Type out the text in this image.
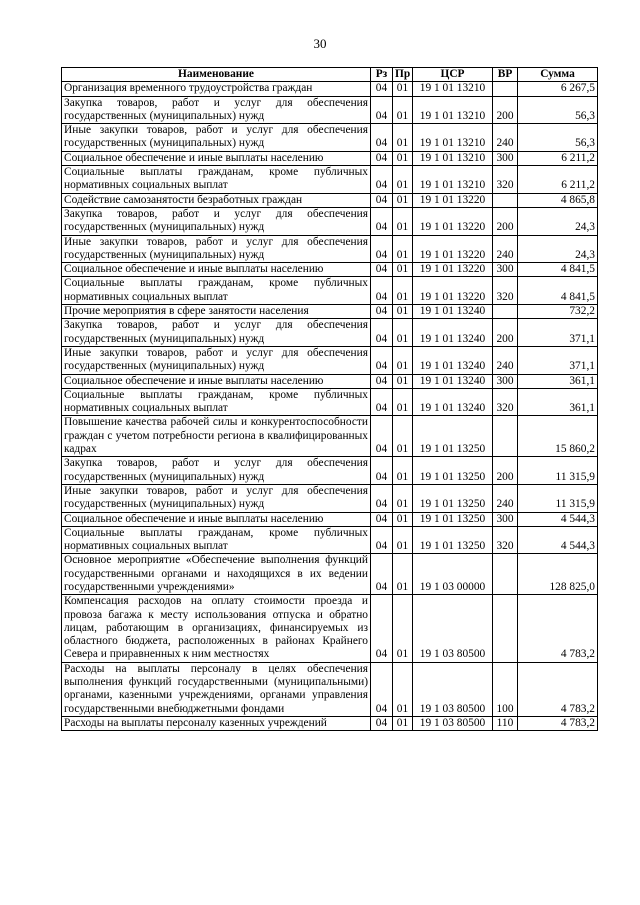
30
Наименование	Рз	Пр	ЦСР	ВР	Сумма
Организация временного трудоустройства граждан	04	01	19 1 01 13210		6 267,5
Закупка товаров, работ и услуг для обеспечения государственных (муниципальных) нужд	04	01	19 1 01 13210	200	56,3
Иные закупки товаров, работ и услуг для обеспечения государственных (муниципальных) нужд	04	01	19 1 01 13210	240	56,3
Социальное обеспечение и иные выплаты населению	04	01	19 1 01 13210	300	6 211,2
Социальные выплаты гражданам, кроме публичных нормативных социальных выплат	04	01	19 1 01 13210	320	6 211,2
Содействие самозанятости безработных граждан	04	01	19 1 01 13220		4 865,8
Закупка товаров, работ и услуг для обеспечения государственных (муниципальных) нужд	04	01	19 1 01 13220	200	24,3
Иные закупки товаров, работ и услуг для обеспечения государственных (муниципальных) нужд	04	01	19 1 01 13220	240	24,3
Социальное обеспечение и иные выплаты населению	04	01	19 1 01 13220	300	4 841,5
Социальные выплаты гражданам, кроме публичных нормативных социальных выплат	04	01	19 1 01 13220	320	4 841,5
Прочие мероприятия в сфере занятости населения	04	01	19 1 01 13240		732,2
Закупка товаров, работ и услуг для обеспечения государственных (муниципальных) нужд	04	01	19 1 01 13240	200	371,1
Иные закупки товаров, работ и услуг для обеспечения государственных (муниципальных) нужд	04	01	19 1 01 13240	240	371,1
Социальное обеспечение и иные выплаты населению	04	01	19 1 01 13240	300	361,1
Социальные выплаты гражданам, кроме публичных нормативных социальных выплат	04	01	19 1 01 13240	320	361,1
Повышение качества рабочей силы и конкурентоспособности граждан с учетом потребности региона в квалифицированных кадрах	04	01	19 1 01 13250		15 860,2
Закупка товаров, работ и услуг для обеспечения государственных (муниципальных) нужд	04	01	19 1 01 13250	200	11 315,9
Иные закупки товаров, работ и услуг для обеспечения государственных (муниципальных) нужд	04	01	19 1 01 13250	240	11 315,9
Социальное обеспечение и иные выплаты населению	04	01	19 1 01 13250	300	4 544,3
Социальные выплаты гражданам, кроме публичных нормативных социальных выплат	04	01	19 1 01 13250	320	4 544,3
Основное мероприятие «Обеспечение выполнения функций государственными органами и находящихся в их ведении государственными учреждениями»	04	01	19 1 03 00000		128 825,0
Компенсация расходов на оплату стоимости проезда и провоза багажа к месту использования отпуска и обратно лицам, работающим в организациях, финансируемых из областного бюджета, расположенных в районах Крайнего Севера и приравненных к ним местностях	04	01	19 1 03 80500		4 783,2
Расходы на выплаты персоналу в целях обеспечения выполнения функций государственными (муниципальными) органами, казенными учреждениями, органами управления государственными внебюджетными фондами	04	01	19 1 03 80500	100	4 783,2
Расходы на выплаты персоналу казенных учреждений	04	01	19 1 03 80500	110	4 783,2
